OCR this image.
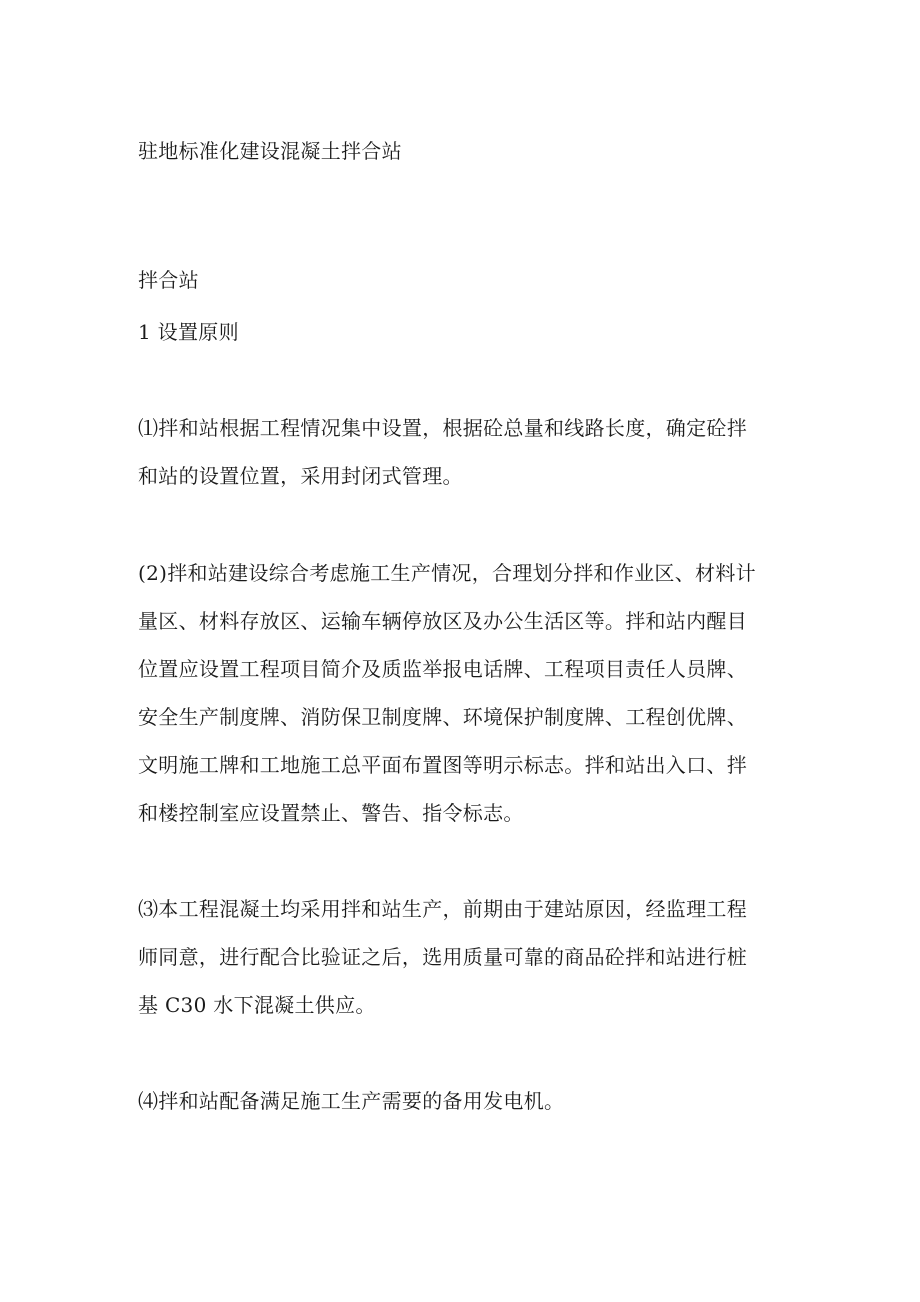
驻地标准化建设混凝土拌合站
拌合站
1 设置原则
⑴拌和站根据工程情况集中设置，根据砼总量和线路长度，确定砼拌
和站的设置位置，采用封闭式管理。
(2)拌和站建设综合考虑施工生产情况，合理划分拌和作业区、材料计
量区、材料存放区、运输车辆停放区及办公生活区等。拌和站内醒目
位置应设置工程项目简介及质监举报电话牌、工程项目责任人员牌、
安全生产制度牌、消防保卫制度牌、环境保护制度牌、工程创优牌、
文明施工牌和工地施工总平面布置图等明示标志。拌和站出入口、拌
和楼控制室应设置禁止、警告、指令标志。
⑶本工程混凝土均采用拌和站生产，前期由于建站原因，经监理工程
师同意，进行配合比验证之后，选用质量可靠的商品砼拌和站进行桩
基 C30 水下混凝土供应。
⑷拌和站配备满足施工生产需要的备用发电机。
